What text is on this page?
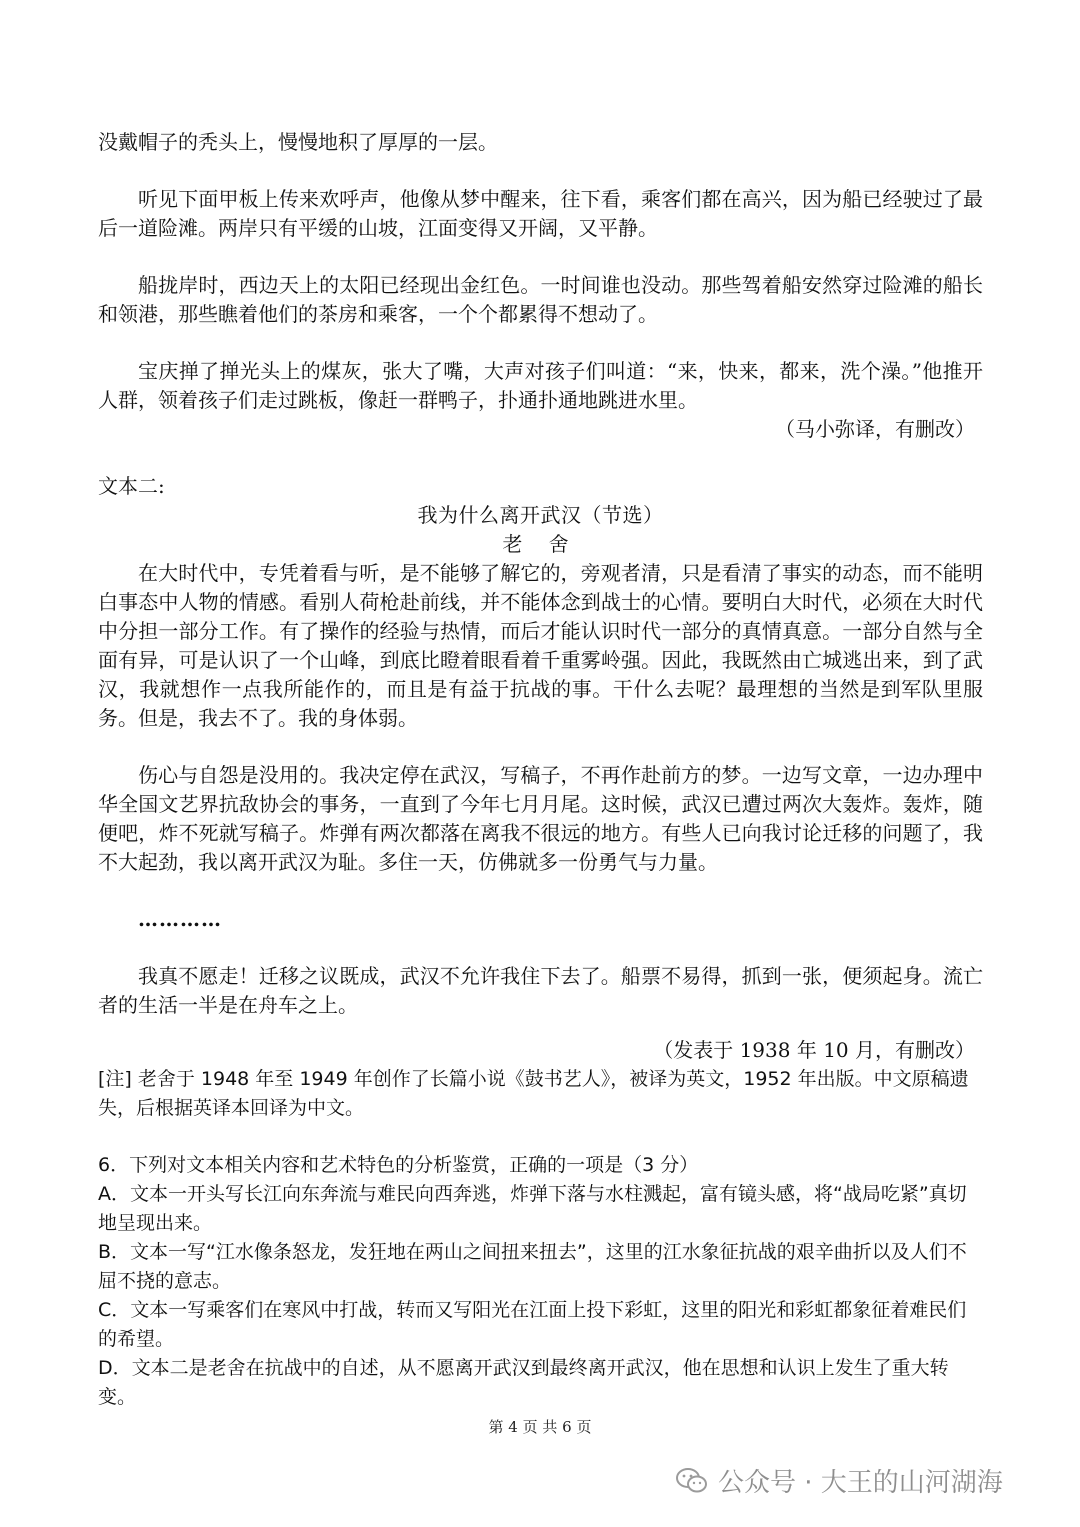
没戴帽子的秃头上，慢慢地积了厚厚的一层。

听见下面甲板上传来欢呼声，他像从梦中醒来，往下看，乘客们都在高兴，因为船已经驶过了最后一道险滩。两岸只有平缓的山坡，江面变得又开阔，又平静。

船拢岸时，西边天上的太阳已经现出金红色。一时间谁也没动。那些驾着船安然穿过险滩的船长和领港，那些瞧着他们的茶房和乘客，一个个都累得不想动了。

宝庆掸了掸光头上的煤灰，张大了嘴，大声对孩子们叫道：“来，快来，都来，洗个澡。”他推开人群，领着孩子们走过跳板，像赶一群鸭子，扑通扑通地跳进水里。

（马小弥译，有删改）

文本二:

我为什么离开武汉（节选）

老 舍

在大时代中，专凭着看与听，是不能够了解它的，旁观者清，只是看清了事实的动态，而不能明白事态中人物的情感。看别人荷枪赴前线，并不能体念到战士的心情。要明白大时代，必须在大时代中分担一部分工作。有了操作的经验与热情，而后才能认识时代一部分的真情真意。一部分自然与全面有异，可是认识了一个山峰，到底比瞪着眼看着千重雾岭强。因此，我既然由亡城逃出来，到了武汉，我就想作一点我所能作的，而且是有益于抗战的事。干什么去呢？最理想的当然是到军队里服务。但是，我去不了。我的身体弱。

伤心与自怨是没用的。我决定停在武汉，写稿子，不再作赴前方的梦。一边写文章，一边办理中华全国文艺界抗敌协会的事务，一直到了今年七月月尾。这时候，武汉已遭过两次大轰炸。轰炸，随便吧，炸不死就写稿子。炸弹有两次都落在离我不很远的地方。有些人已向我讨论迁移的问题了，我不大起劲，我以离开武汉为耻。多住一天，仿佛就多一份勇气与力量。

…………

我真不愿走！迁移之议既成，武汉不允许我住下去了。船票不易得，抓到一张，便须起身。流亡者的生活一半是在舟车之上。

（发表于 1938 年 10 月，有删改）

[注] 老舍于 1948 年至 1949 年创作了长篇小说《鼓书艺人》，被译为英文，1952 年出版。中文原稿遗失，后根据英译本回译为中文。

6．下列对文本相关内容和艺术特色的分析鉴赏，正确的一项是（3 分）

A．文本一开头写长江向东奔流与难民向西奔逃，炸弹下落与水柱溅起，富有镜头感，将“战局吃紧”真切地呈现出来。

B．文本一写“江水像条怒龙，发狂地在两山之间扭来扭去”，这里的江水象征抗战的艰辛曲折以及人们不屈不挠的意志。

C．文本一写乘客们在寒风中打战，转而又写阳光在江面上投下彩虹，这里的阳光和彩虹都象征着难民们的希望。

D．文本二是老舍在抗战中的自述，从不愿离开武汉到最终离开武汉，他在思想和认识上发生了重大转变。

第 4 页 共 6 页
公众号 · 大王的山河湖海
